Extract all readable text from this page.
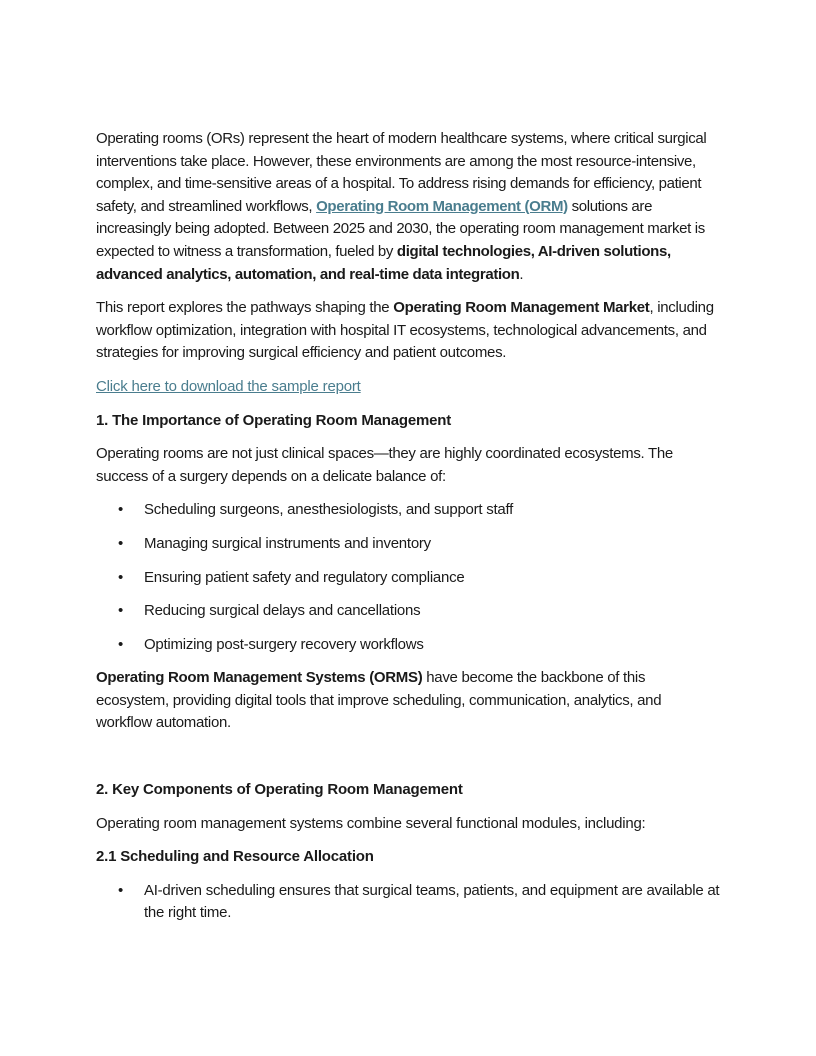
Operating rooms (ORs) represent the heart of modern healthcare systems, where critical surgical interventions take place. However, these environments are among the most resource-intensive, complex, and time-sensitive areas of a hospital. To address rising demands for efficiency, patient safety, and streamlined workflows, Operating Room Management (ORM) solutions are increasingly being adopted. Between 2025 and 2030, the operating room management market is expected to witness a transformation, fueled by digital technologies, AI-driven solutions, advanced analytics, automation, and real-time data integration.

This report explores the pathways shaping the Operating Room Management Market, including workflow optimization, integration with hospital IT ecosystems, technological advancements, and strategies for improving surgical efficiency and patient outcomes.

Click here to download the sample report
1. The Importance of Operating Room Management

Operating rooms are not just clinical spaces—they are highly coordinated ecosystems. The success of a surgery depends on a delicate balance of:

• Scheduling surgeons, anesthesiologists, and support staff
• Managing surgical instruments and inventory
• Ensuring patient safety and regulatory compliance
• Reducing surgical delays and cancellations
• Optimizing post-surgery recovery workflows

Operating Room Management Systems (ORMS) have become the backbone of this ecosystem, providing digital tools that improve scheduling, communication, analytics, and workflow automation.

2. Key Components of Operating Room Management

Operating room management systems combine several functional modules, including:

2.1 Scheduling and Resource Allocation
• AI-driven scheduling ensures that surgical teams, patients, and equipment are available at the right time.
